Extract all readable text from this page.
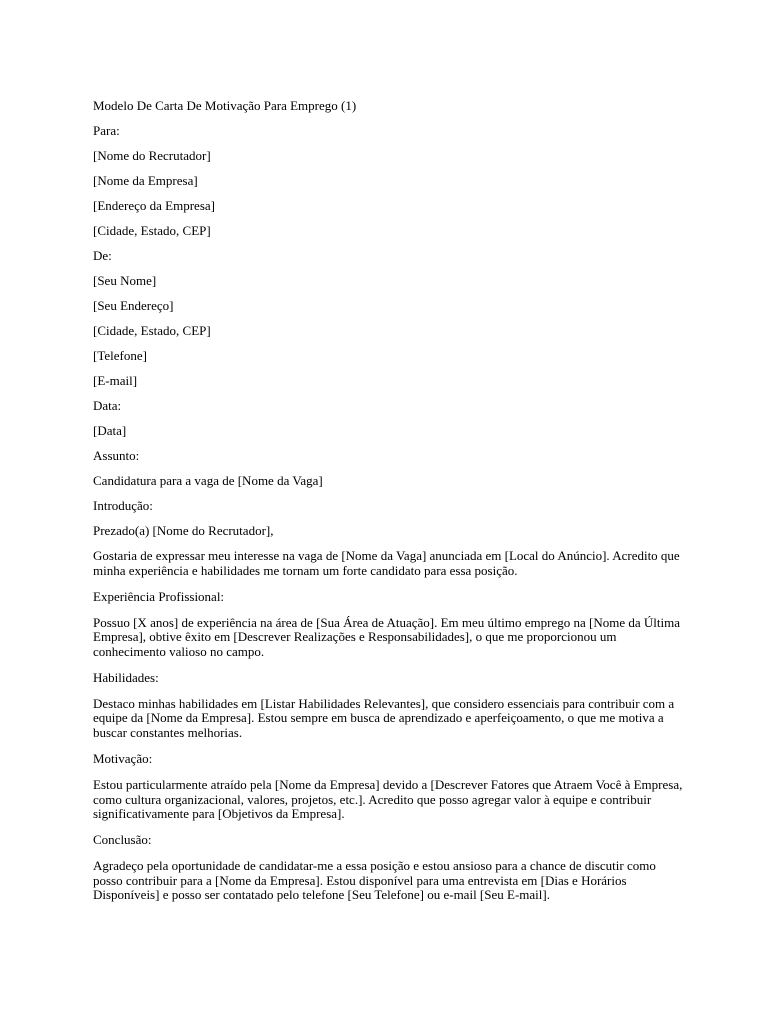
Modelo De Carta De Motivação Para Emprego (1)

Para:

[Nome do Recrutador]

[Nome da Empresa]

[Endereço da Empresa]

[Cidade, Estado, CEP]

De:

[Seu Nome]

[Seu Endereço]

[Cidade, Estado, CEP]

[Telefone]

[E-mail]

Data:

[Data]

Assunto:

Candidatura para a vaga de [Nome da Vaga]

Introdução:

Prezado(a) [Nome do Recrutador],

Gostaria de expressar meu interesse na vaga de [Nome da Vaga] anunciada em [Local do Anúncio]. Acredito que minha experiência e habilidades me tornam um forte candidato para essa posição.

Experiência Profissional:

Possuo [X anos] de experiência na área de [Sua Área de Atuação]. Em meu último emprego na [Nome da Última Empresa], obtive êxito em [Descrever Realizações e Responsabilidades], o que me proporcionou um conhecimento valioso no campo.

Habilidades:

Destaco minhas habilidades em [Listar Habilidades Relevantes], que considero essenciais para contribuir com a equipe da [Nome da Empresa]. Estou sempre em busca de aprendizado e aperfeiçoamento, o que me motiva a buscar constantes melhorias.

Motivação:

Estou particularmente atraído pela [Nome da Empresa] devido a [Descrever Fatores que Atraem Você à Empresa, como cultura organizacional, valores, projetos, etc.]. Acredito que posso agregar valor à equipe e contribuir significativamente para [Objetivos da Empresa].

Conclusão:

Agradeço pela oportunidade de candidatar-me a essa posição e estou ansioso para a chance de discutir como posso contribuir para a [Nome da Empresa]. Estou disponível para uma entrevista em [Dias e Horários Disponíveis] e posso ser contatado pelo telefone [Seu Telefone] ou e-mail [Seu E-mail].
